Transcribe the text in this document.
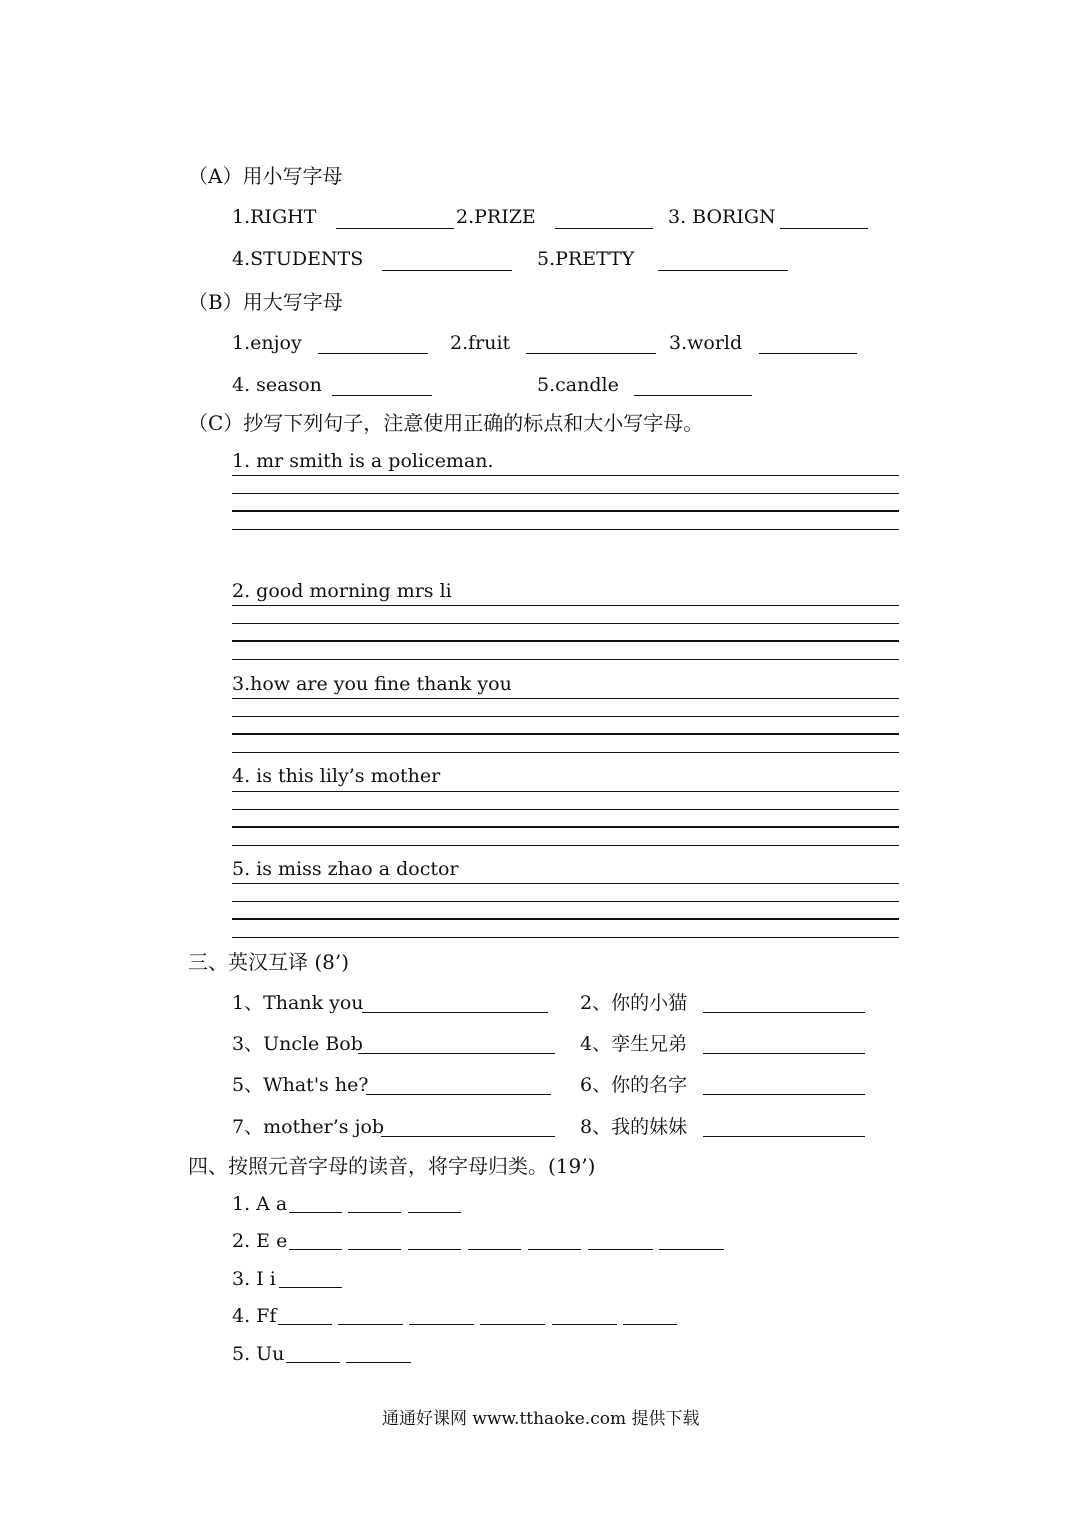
（A）用小写字母
1.RIGHT	2.PRIZE	3. BORIGN
4.STUDENTS	5.PRETTY
（B）用大写字母
1.enjoy	2.fruit	3.world
4. season	5.candle
（C）抄写下列句子，注意使用正确的标点和大小写字母。
1. mr smith is a policeman.
2. good morning mrs li
3.how are you fine thank you
4. is this lily’s mother
5. is miss zhao a doctor
三、英汉互译 (8’)
1、Thank you	2、你的小猫
3、Uncle Bob	4、孪生兄弟
5、What's he?	6、你的名字
7、mother’s job	8、我的妹妹
四、按照元音字母的读音，将字母归类。(19’)
1. A a
2. E e
3. I i
4. Ff
5. Uu
通通好课网 www.tthaoke.com 提供下载
